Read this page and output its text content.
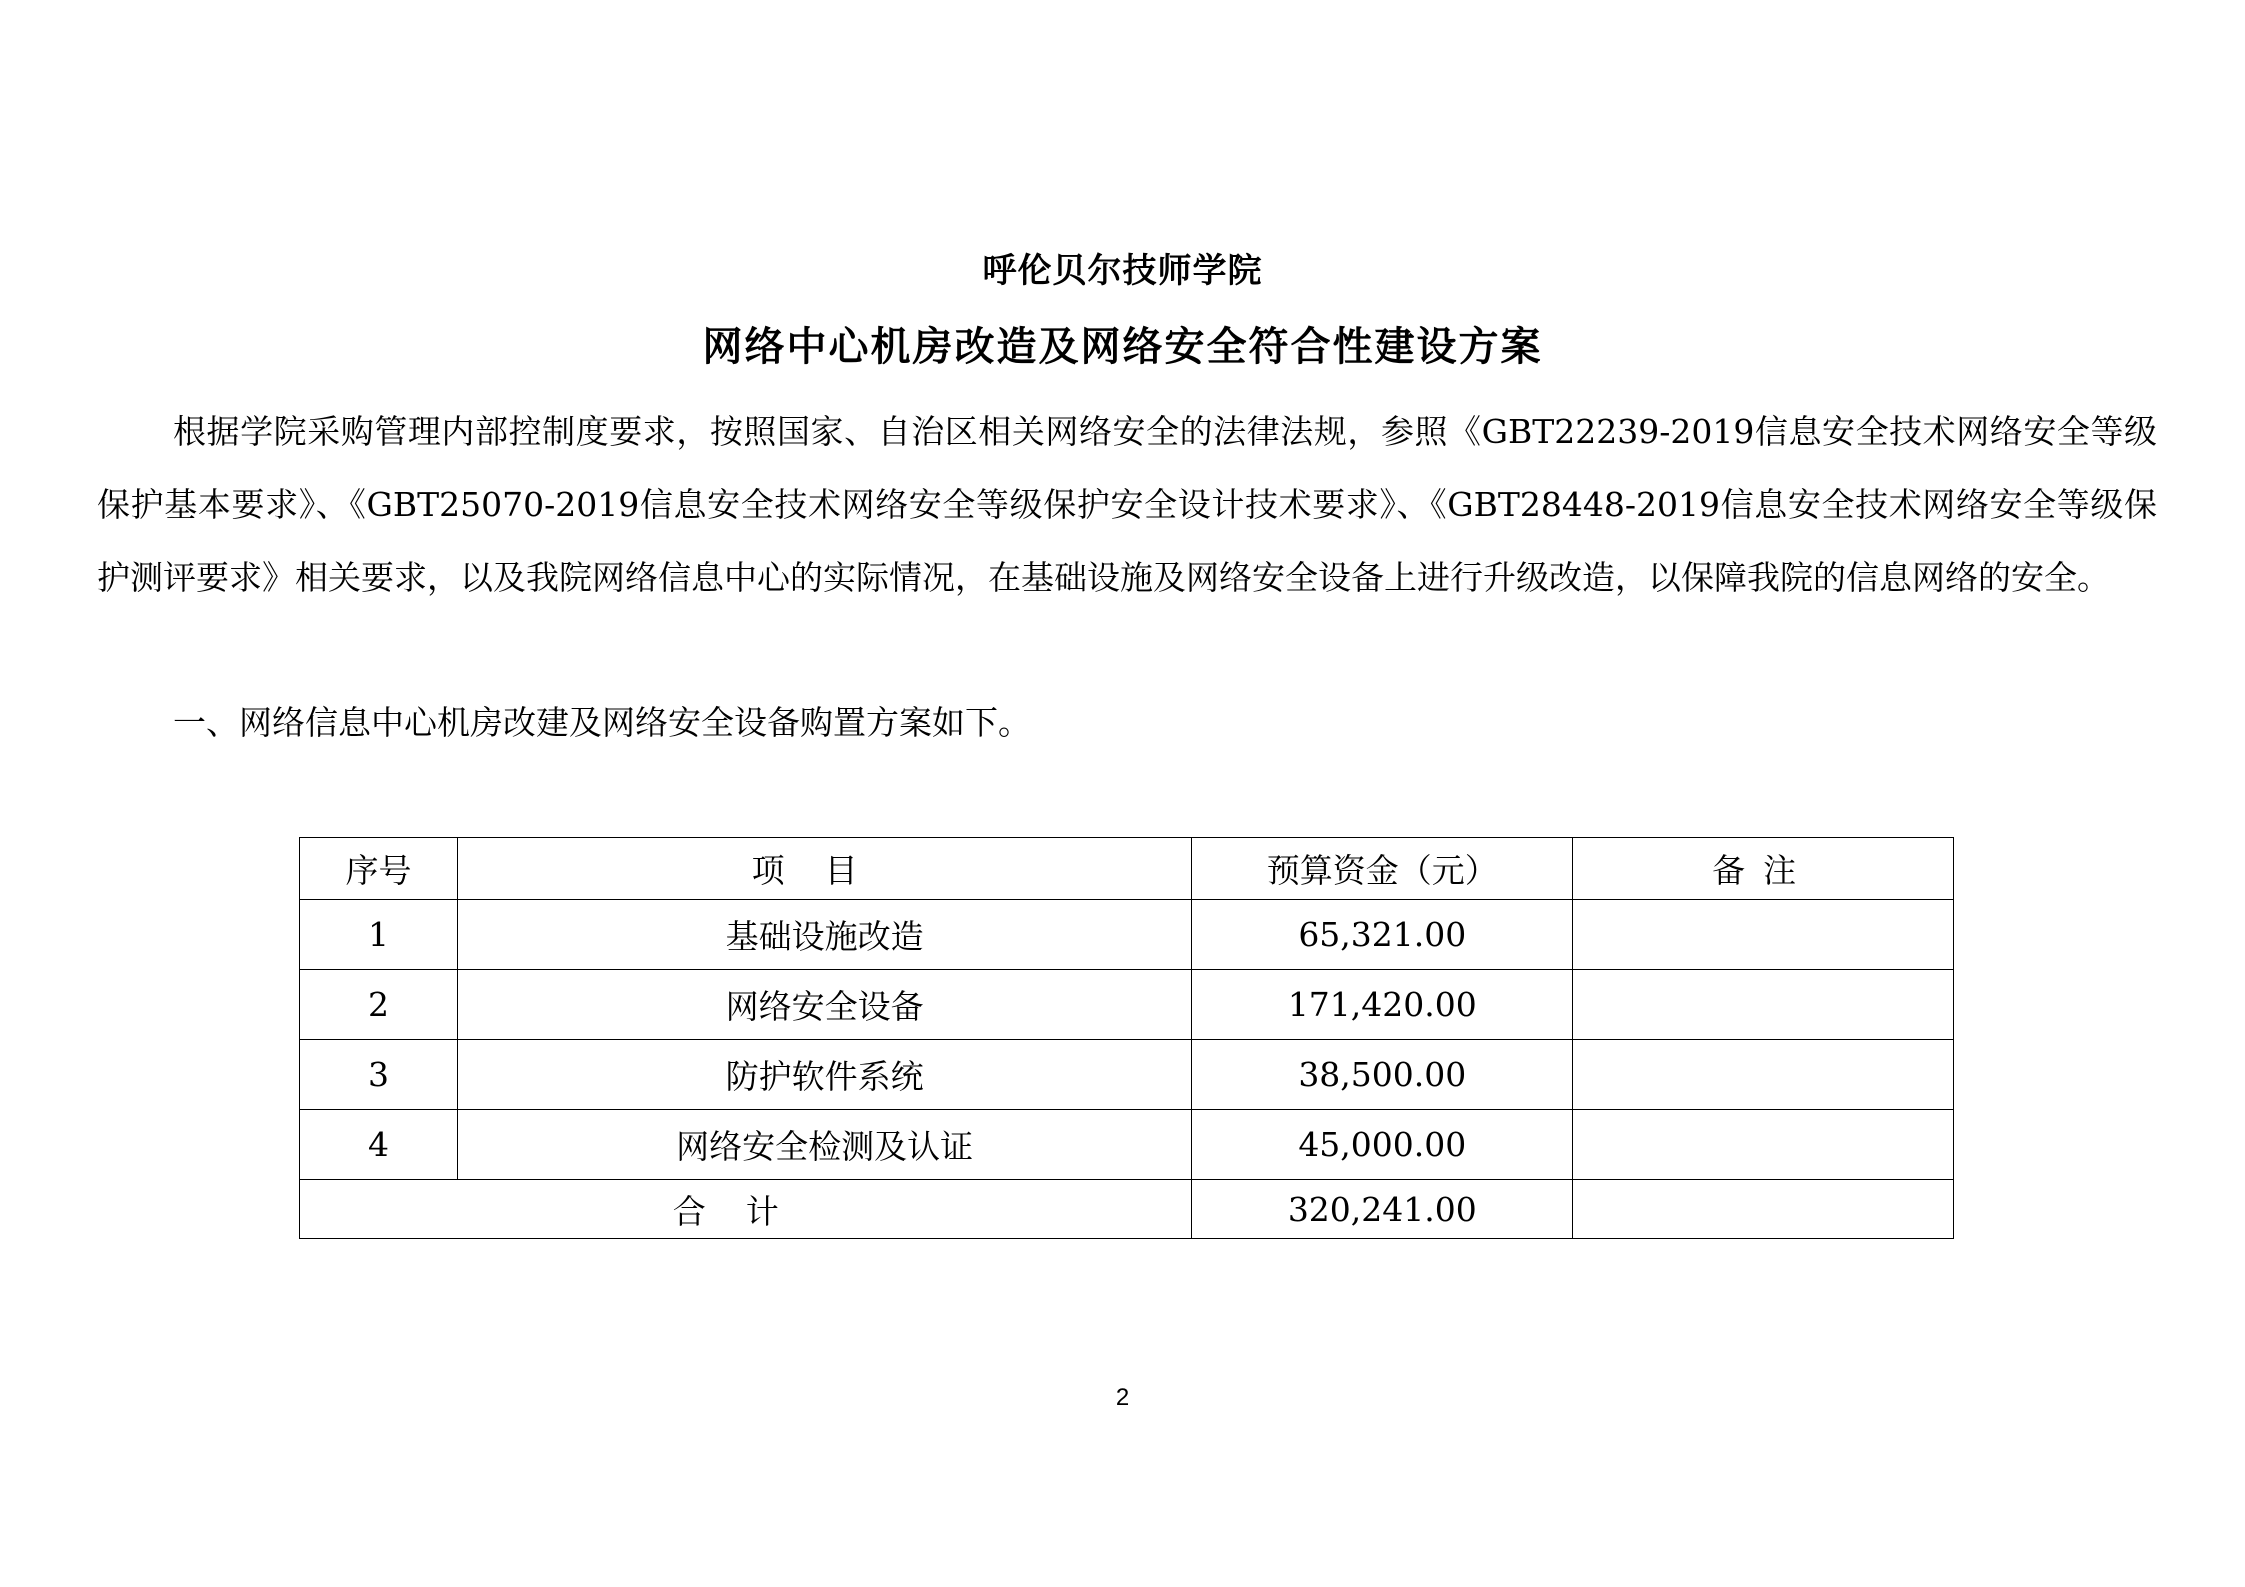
呼伦贝尔技师学院
网络中心机房改造及网络安全符合性建设方案

根据学院采购管理内部控制度要求，按照国家、自治区相关网络安全的法律法规，参照《GBT22239-2019信息安全技术网络安全等级保护基本要求》、《GBT25070-2019信息安全技术网络安全等级保护安全设计技术要求》、《GBT28448-2019信息安全技术网络安全等级保护测评要求》相关要求，以及我院网络信息中心的实际情况，在基础设施及网络安全设备上进行升级改造，以保障我院的信息网络的安全。

一、网络信息中心机房改建及网络安全设备购置方案如下。

序号	项目	预算资金（元）	备注
1	基础设施改造	65,321.00	
2	网络安全设备	171,420.00	
3	防护软件系统	38,500.00	
4	网络安全检测及认证	45,000.00	
合计		320,241.00	
2
